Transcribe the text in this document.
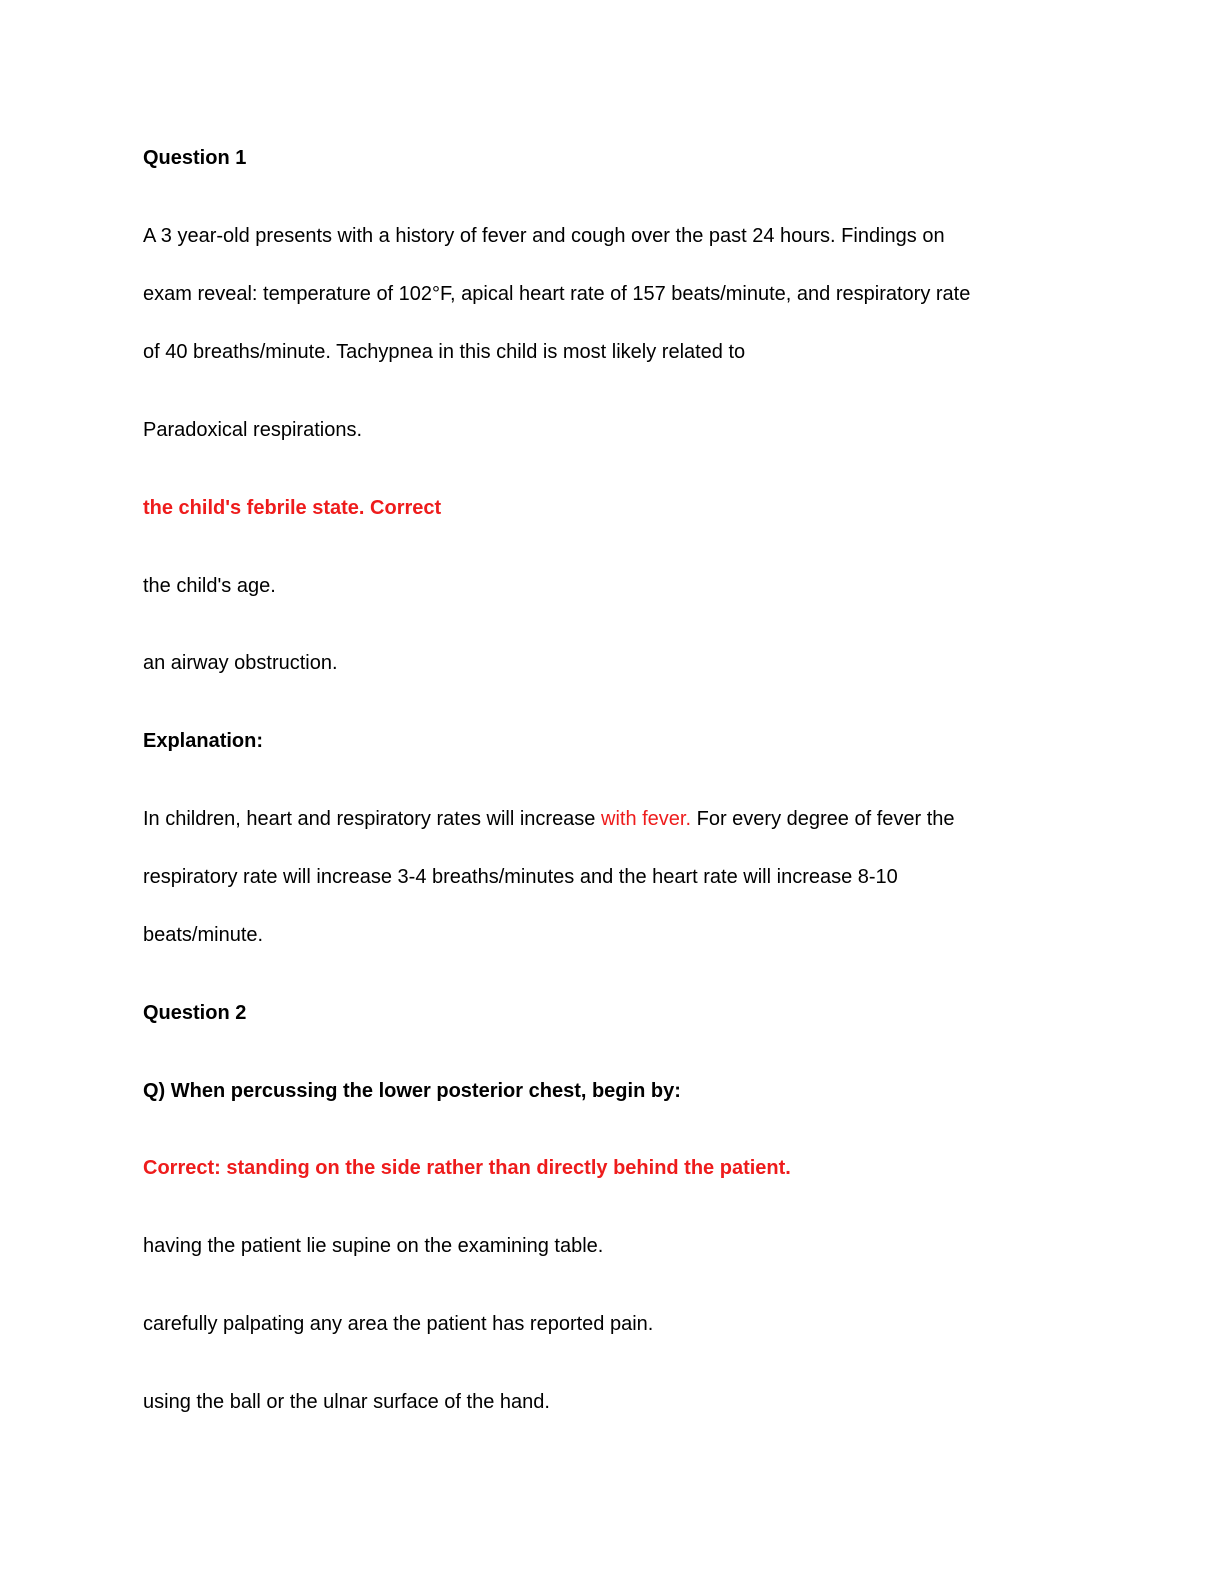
Question 1

A 3 year-old presents with a history of fever and cough over the past 24 hours. Findings on

exam reveal: temperature of 102°F, apical heart rate of 157 beats/minute, and respiratory rate

of 40 breaths/minute. Tachypnea in this child is most likely related to

Paradoxical respirations.

the child's febrile state. Correct

the child's age.

an airway obstruction.

Explanation:

In children, heart and respiratory rates will increase with fever. For every degree of fever the

respiratory rate will increase 3-4 breaths/minutes and the heart rate will increase 8-10

beats/minute.

Question 2

Q) When percussing the lower posterior chest, begin by:

Correct: standing on the side rather than directly behind the patient.

having the patient lie supine on the examining table.

carefully palpating any area the patient has reported pain.

using the ball or the ulnar surface of the hand.
